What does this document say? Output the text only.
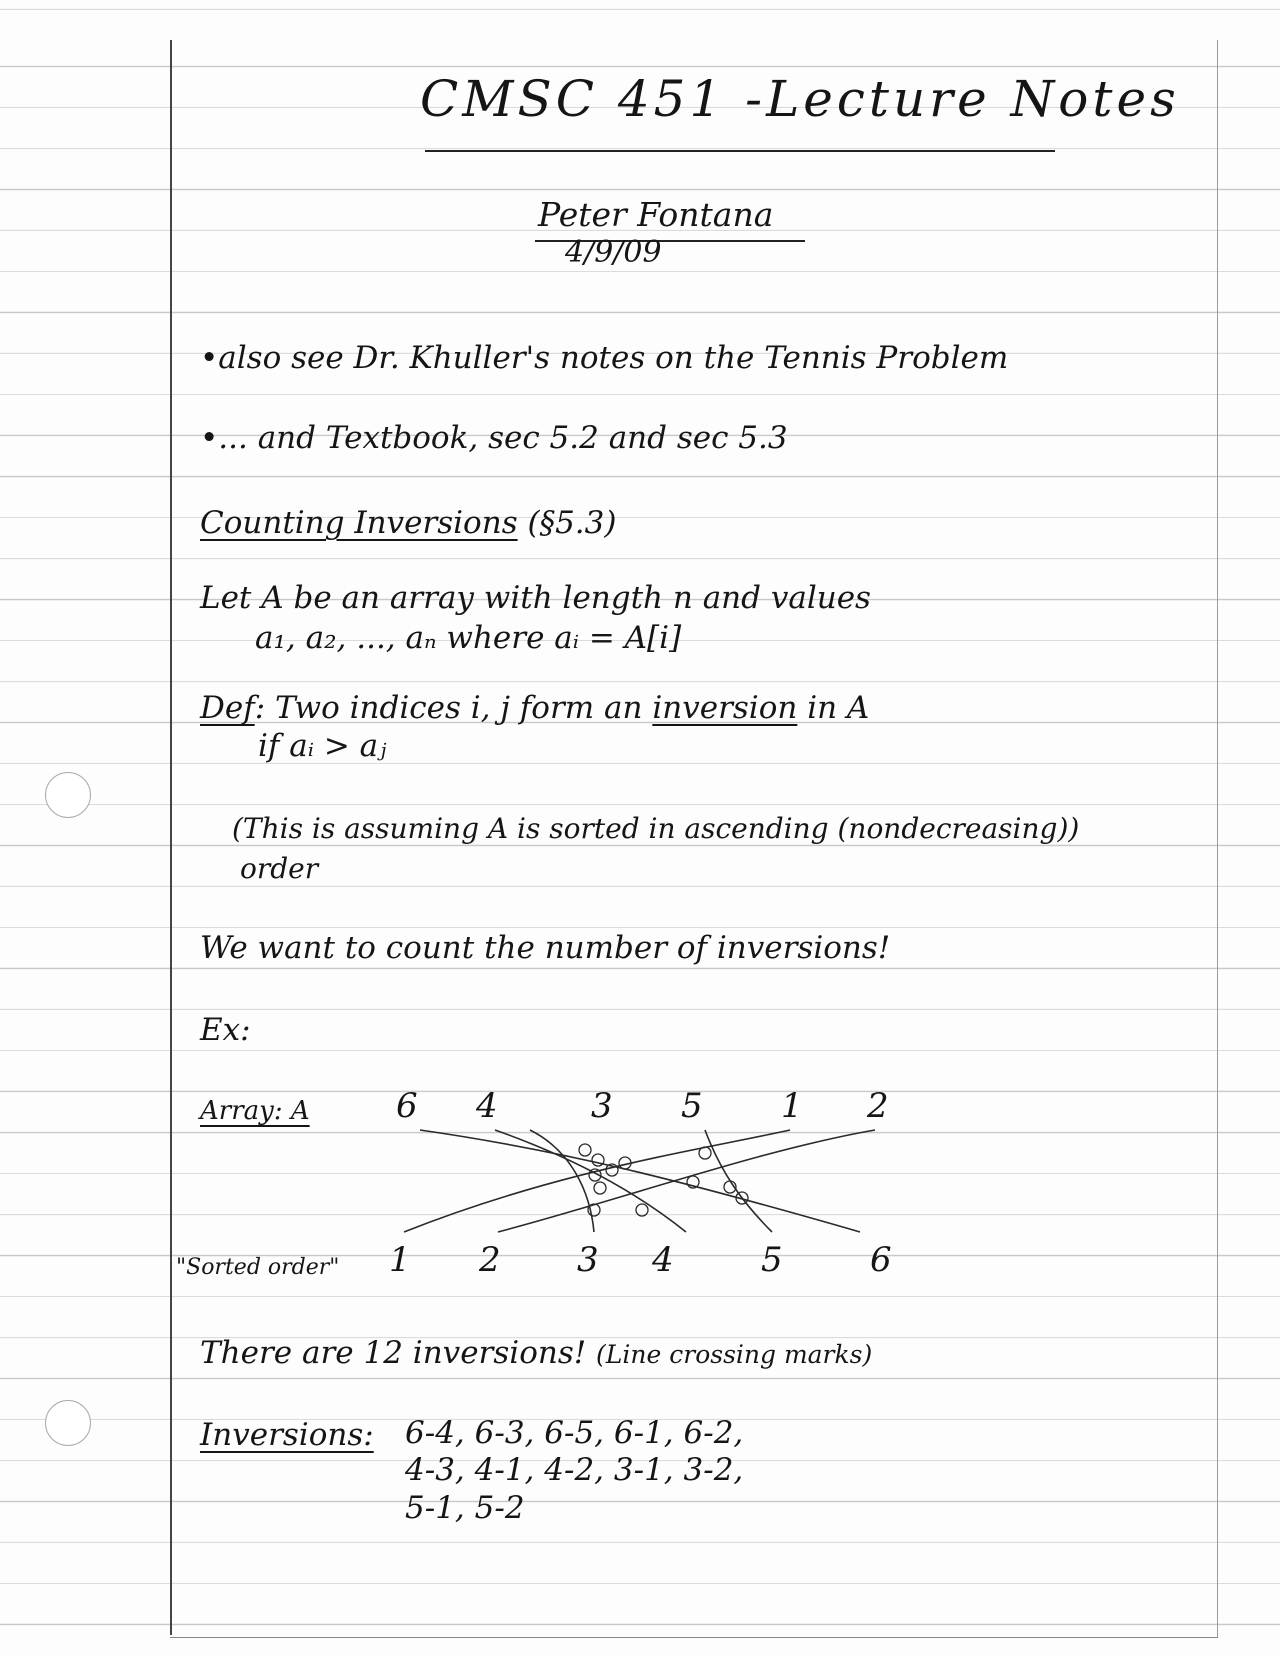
CMSC 451 -Lecture Notes
Peter Fontana
4/9/09
•also see Dr. Khuller's notes on the Tennis Problem
•... and Textbook, sec 5.2 and sec 5.3
Counting Inversions (§5.3)
Let A be an array with length n and values
a₁, a₂, ..., aₙ where aᵢ = A[i]
Def: Two indices i, j form an inversion in A
if aᵢ > aⱼ
(This is assuming A is sorted in ascending (nondecreasing))
order
We want to count the number of inversions!
Ex:
Array: A	6 4	3 5 1 2
"Sorted order" 1 2 3 4	5	6
There are 12 inversions! (Line crossing marks)
Inversions: 6-4, 6-3, 6-5, 6-1, 6-2,
4-3, 4-1, 4-2, 3-1, 3-2,
5-1, 5-2
